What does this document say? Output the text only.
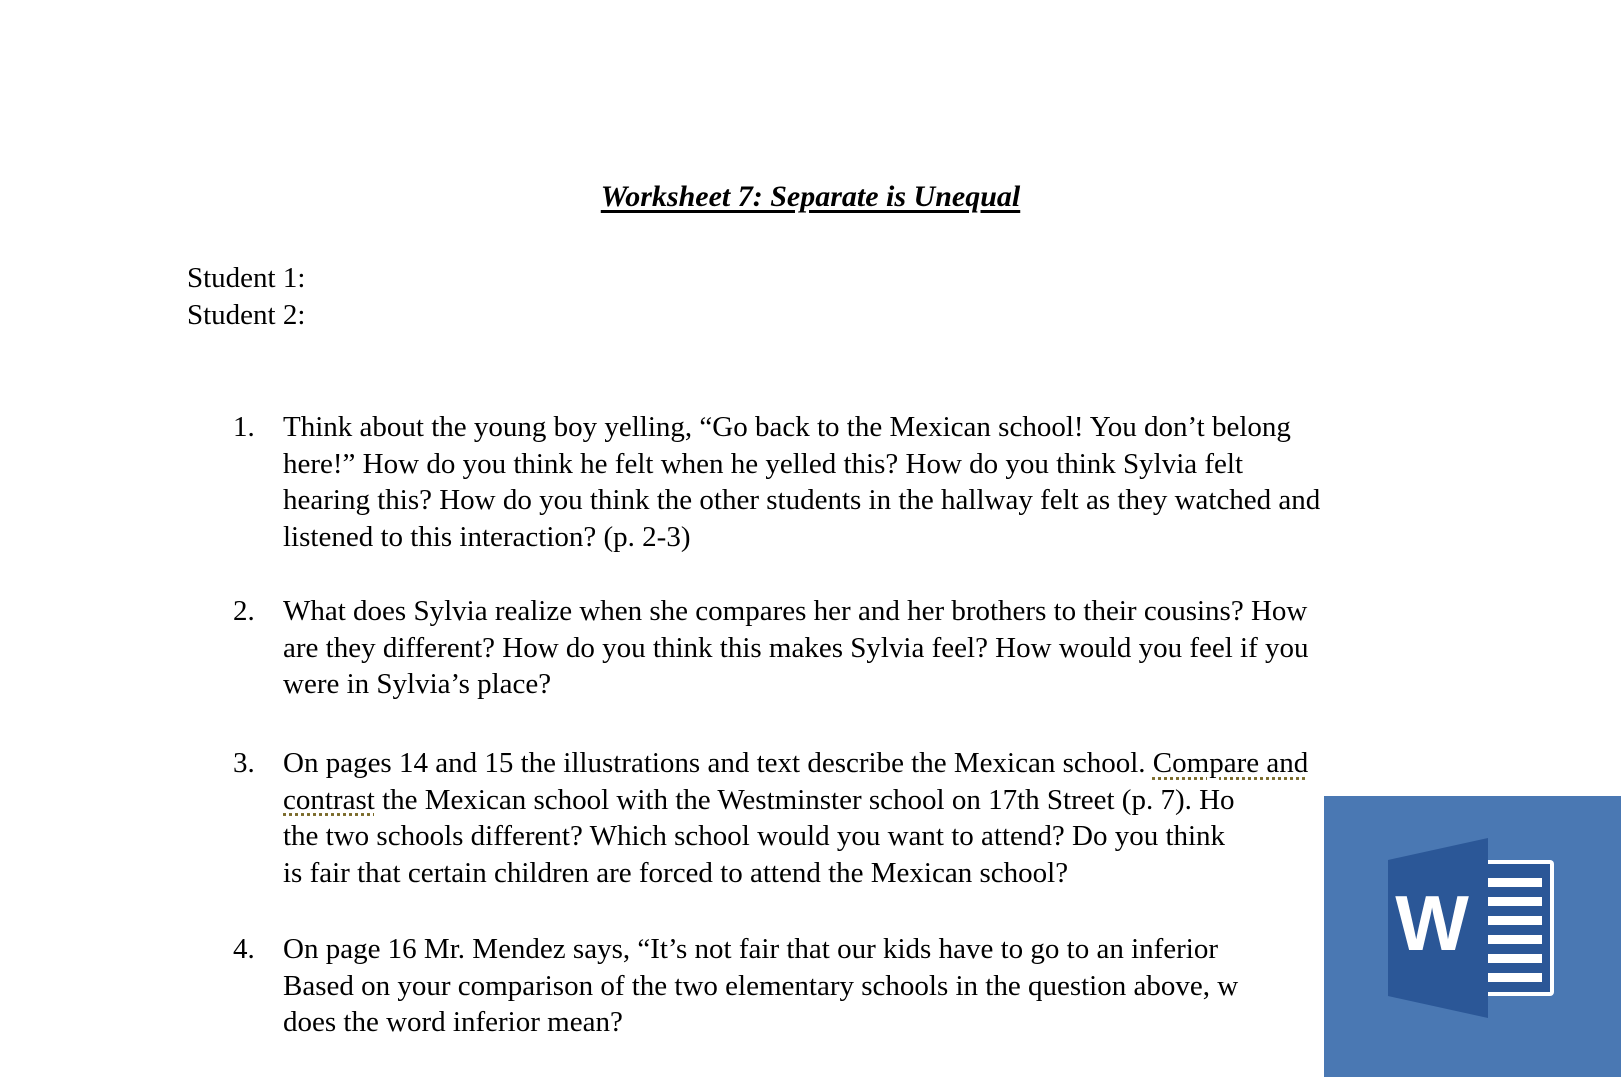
Worksheet 7: Separate is Unequal
Student 1:
Student 2:
1. Think about the young boy yelling, “Go back to the Mexican school! You don’t belong
here!” How do you think he felt when he yelled this? How do you think Sylvia felt
hearing this? How do you think the other students in the hallway felt as they watched and
listened to this interaction? (p. 2-3)
2. What does Sylvia realize when she compares her and her brothers to their cousins? How
are they different? How do you think this makes Sylvia feel? How would you feel if you
were in Sylvia’s place?
3. On pages 14 and 15 the illustrations and text describe the Mexican school. Compare and
contrast the Mexican school with the Westminster school on 17th Street (p. 7). Ho
the two schools different? Which school would you want to attend? Do you think
is fair that certain children are forced to attend the Mexican school?
4. On page 16 Mr. Mendez says, “It’s not fair that our kids have to go to an inferior
Based on your comparison of the two elementary schools in the question above, w
does the word inferior mean?
W
